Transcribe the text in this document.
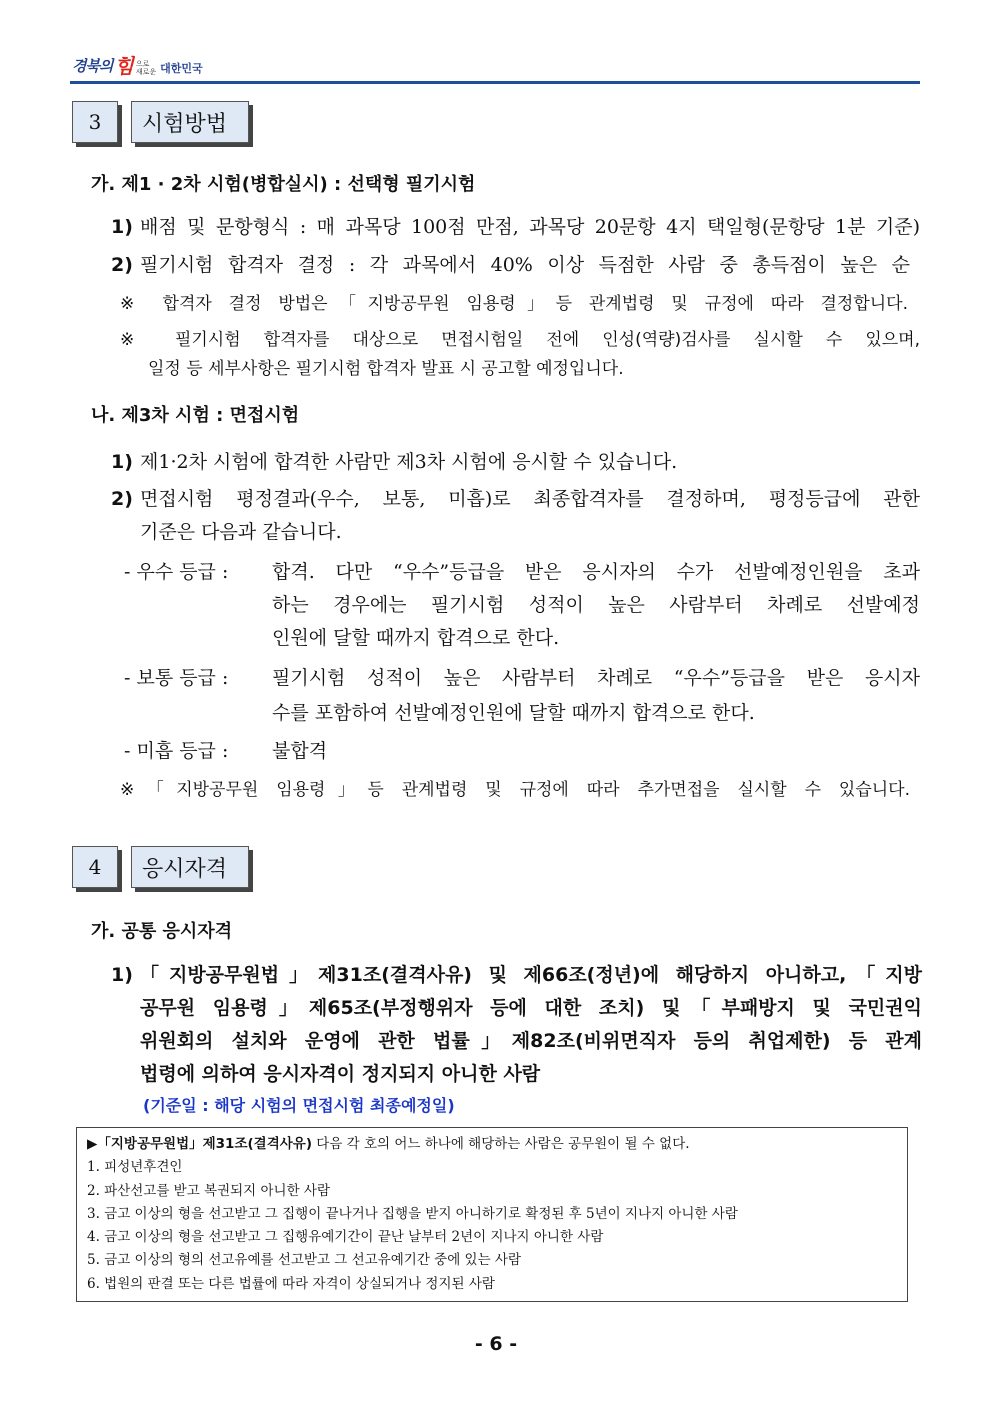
경북의 힘 으로
새로운 대한민국
3	시험방법
가. 제1 · 2차 시험(병합실시) : 선택형 필기시험
1) 배점 및 문항형식 : 매 과목당 100점 만점, 과목당 20문항 4지 택일형(문항당 1분 기준)
2) 필기시험 합격자 결정 : 각 과목에서 40% 이상 득점한 사람 중 총득점이 높은 순
※ 합격자 결정 방법은「지방공무원 임용령」등 관계법령 및 규정에 따라 결정합니다.
※ 필기시험 합격자를 대상으로 면접시험일 전에 인성(역량)검사를 실시할 수 있으며,
일정 등 세부사항은 필기시험 합격자 발표 시 공고할 예정입니다.
나. 제3차 시험 : 면접시험
1) 제1·2차 시험에 합격한 사람만 제3차 시험에 응시할 수 있습니다.
2) 면접시험 평정결과(우수, 보통, 미흡)로 최종합격자를 결정하며, 평정등급에 관한
기준은 다음과 같습니다.
- 우수 등급 : 합격. 다만 “우수”등급을 받은 응시자의 수가 선발예정인원을 초과
하는 경우에는 필기시험 성적이 높은 사람부터 차례로 선발예정
인원에 달할 때까지 합격으로 한다.
- 보통 등급 : 필기시험 성적이 높은 사람부터 차례로 “우수”등급을 받은 응시자
수를 포함하여 선발예정인원에 달할 때까지 합격으로 한다.
- 미흡 등급 : 불합격
※「지방공무원 임용령」등 관계법령 및 규정에 따라 추가면접을 실시할 수 있습니다.
4	응시자격
가. 공통 응시자격
1) 「지방공무원법」제31조(결격사유) 및 제66조(정년)에 해당하지 아니하고,「지방
공무원 임용령」제65조(부정행위자 등에 대한 조치) 및「부패방지 및 국민권익
위원회의 설치와 운영에 관한 법률」제82조(비위면직자 등의 취업제한) 등 관계
법령에 의하여 응시자격이 정지되지 아니한 사람
(기준일 : 해당 시험의 면접시험 최종예정일)
▶「지방공무원법」제31조(결격사유) 다음 각 호의 어느 하나에 해당하는 사람은 공무원이 될 수 없다.
1. 피성년후견인
2. 파산선고를 받고 복권되지 아니한 사람
3. 금고 이상의 형을 선고받고 그 집행이 끝나거나 집행을 받지 아니하기로 확정된 후 5년이 지나지 아니한 사람
4. 금고 이상의 형을 선고받고 그 집행유예기간이 끝난 날부터 2년이 지나지 아니한 사람
5. 금고 이상의 형의 선고유예를 선고받고 그 선고유예기간 중에 있는 사람
6. 법원의 판결 또는 다른 법률에 따라 자격이 상실되거나 정지된 사람
- 6 -
